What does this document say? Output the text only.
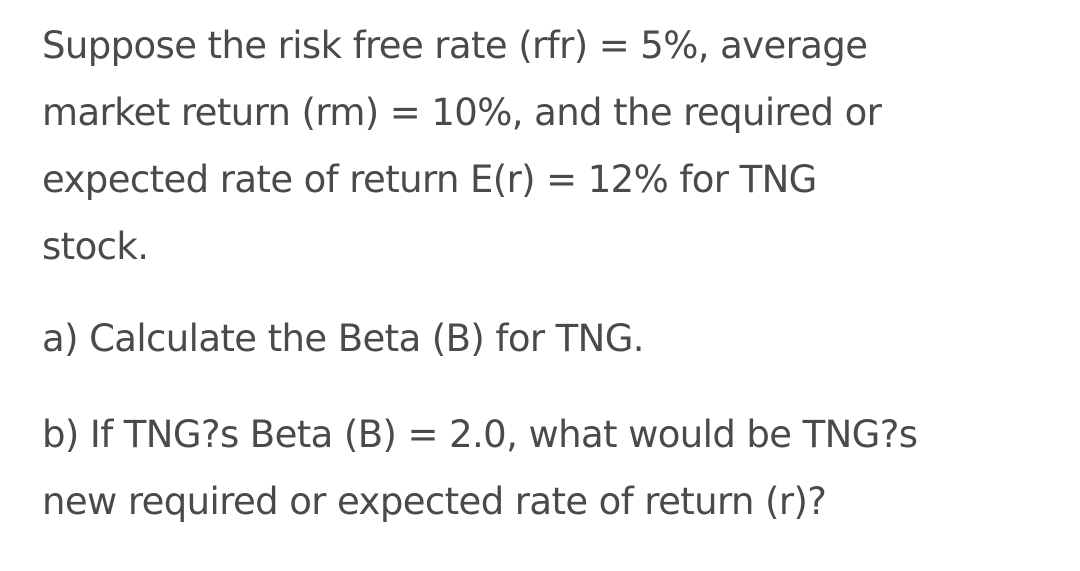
Suppose the risk free rate (rfr) = 5%, average
market return (rm) = 10%, and the required or
expected rate of return E(r) = 12% for TNG
stock.

a) Calculate the Beta (B) for TNG.

b) If TNG?s Beta (B) = 2.0, what would be TNG?s
new required or expected rate of return (r)?
